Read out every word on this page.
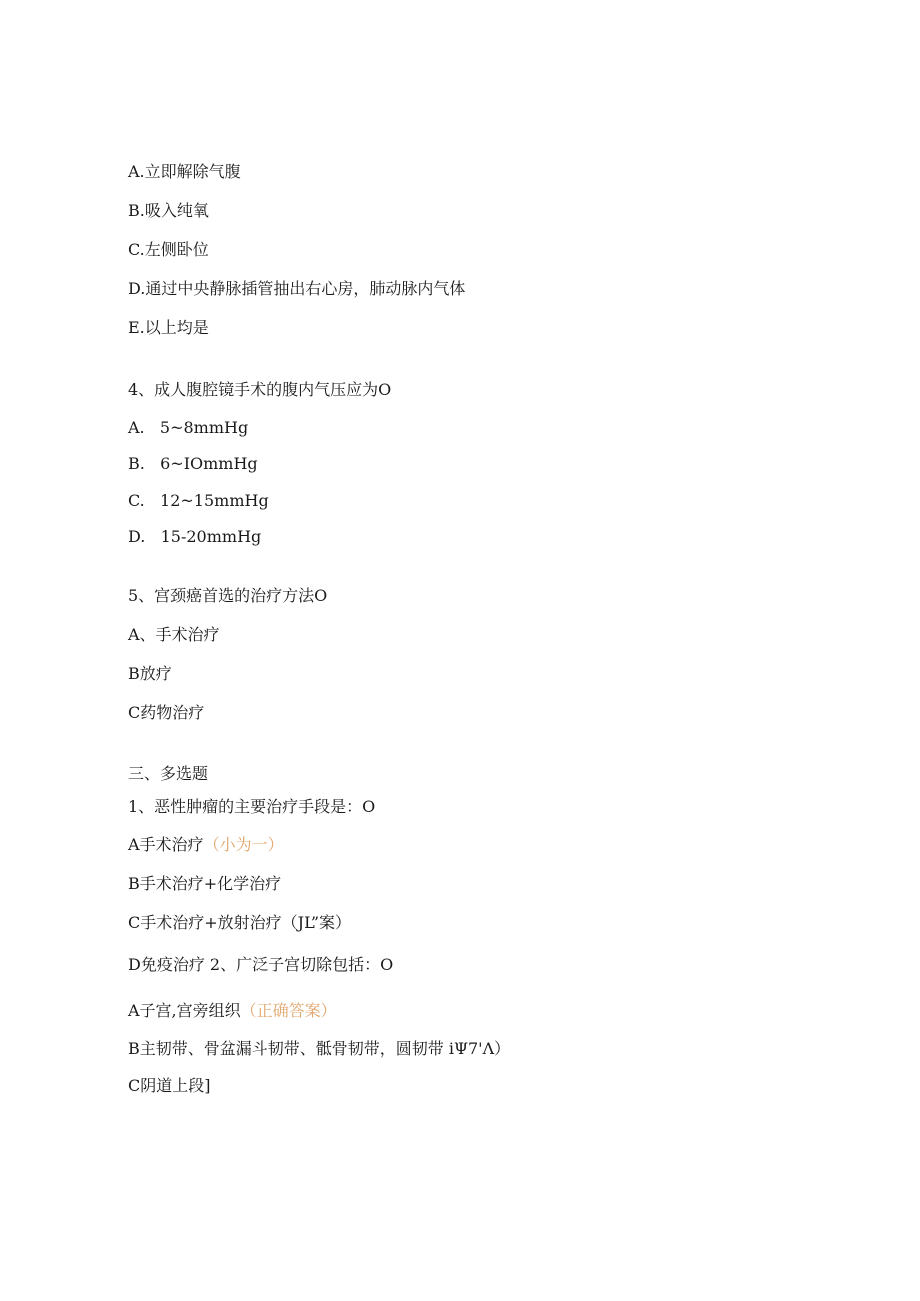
A.立即解除气腹
B.吸入纯氧
C.左侧卧位
D.通过中央静脉插管抽出右心房，肺动脉内气体
E.以上均是
4、成人腹腔镜手术的腹内气压应为O
A.   5~8mmHg
B.   6~IOmmHg
C.   12~15mmHg
D.   15-20mmHg
5、宫颈癌首选的治疗方法O
A、手术治疗
B放疗
C药物治疗
三、多选题
1、恶性肿瘤的主要治疗手段是：O
A手术治疗（小为一）
B手术治疗+化学治疗
C手术治疗+放射治疗（JL”案）
D免疫治疗 2、广泛子宫切除包括：O
A子宫,宫旁组织（正确答案）
B主韧带、骨盆漏斗韧带、骶骨韧带，圆韧带 iΨ7'Λ）
C阴道上段]
